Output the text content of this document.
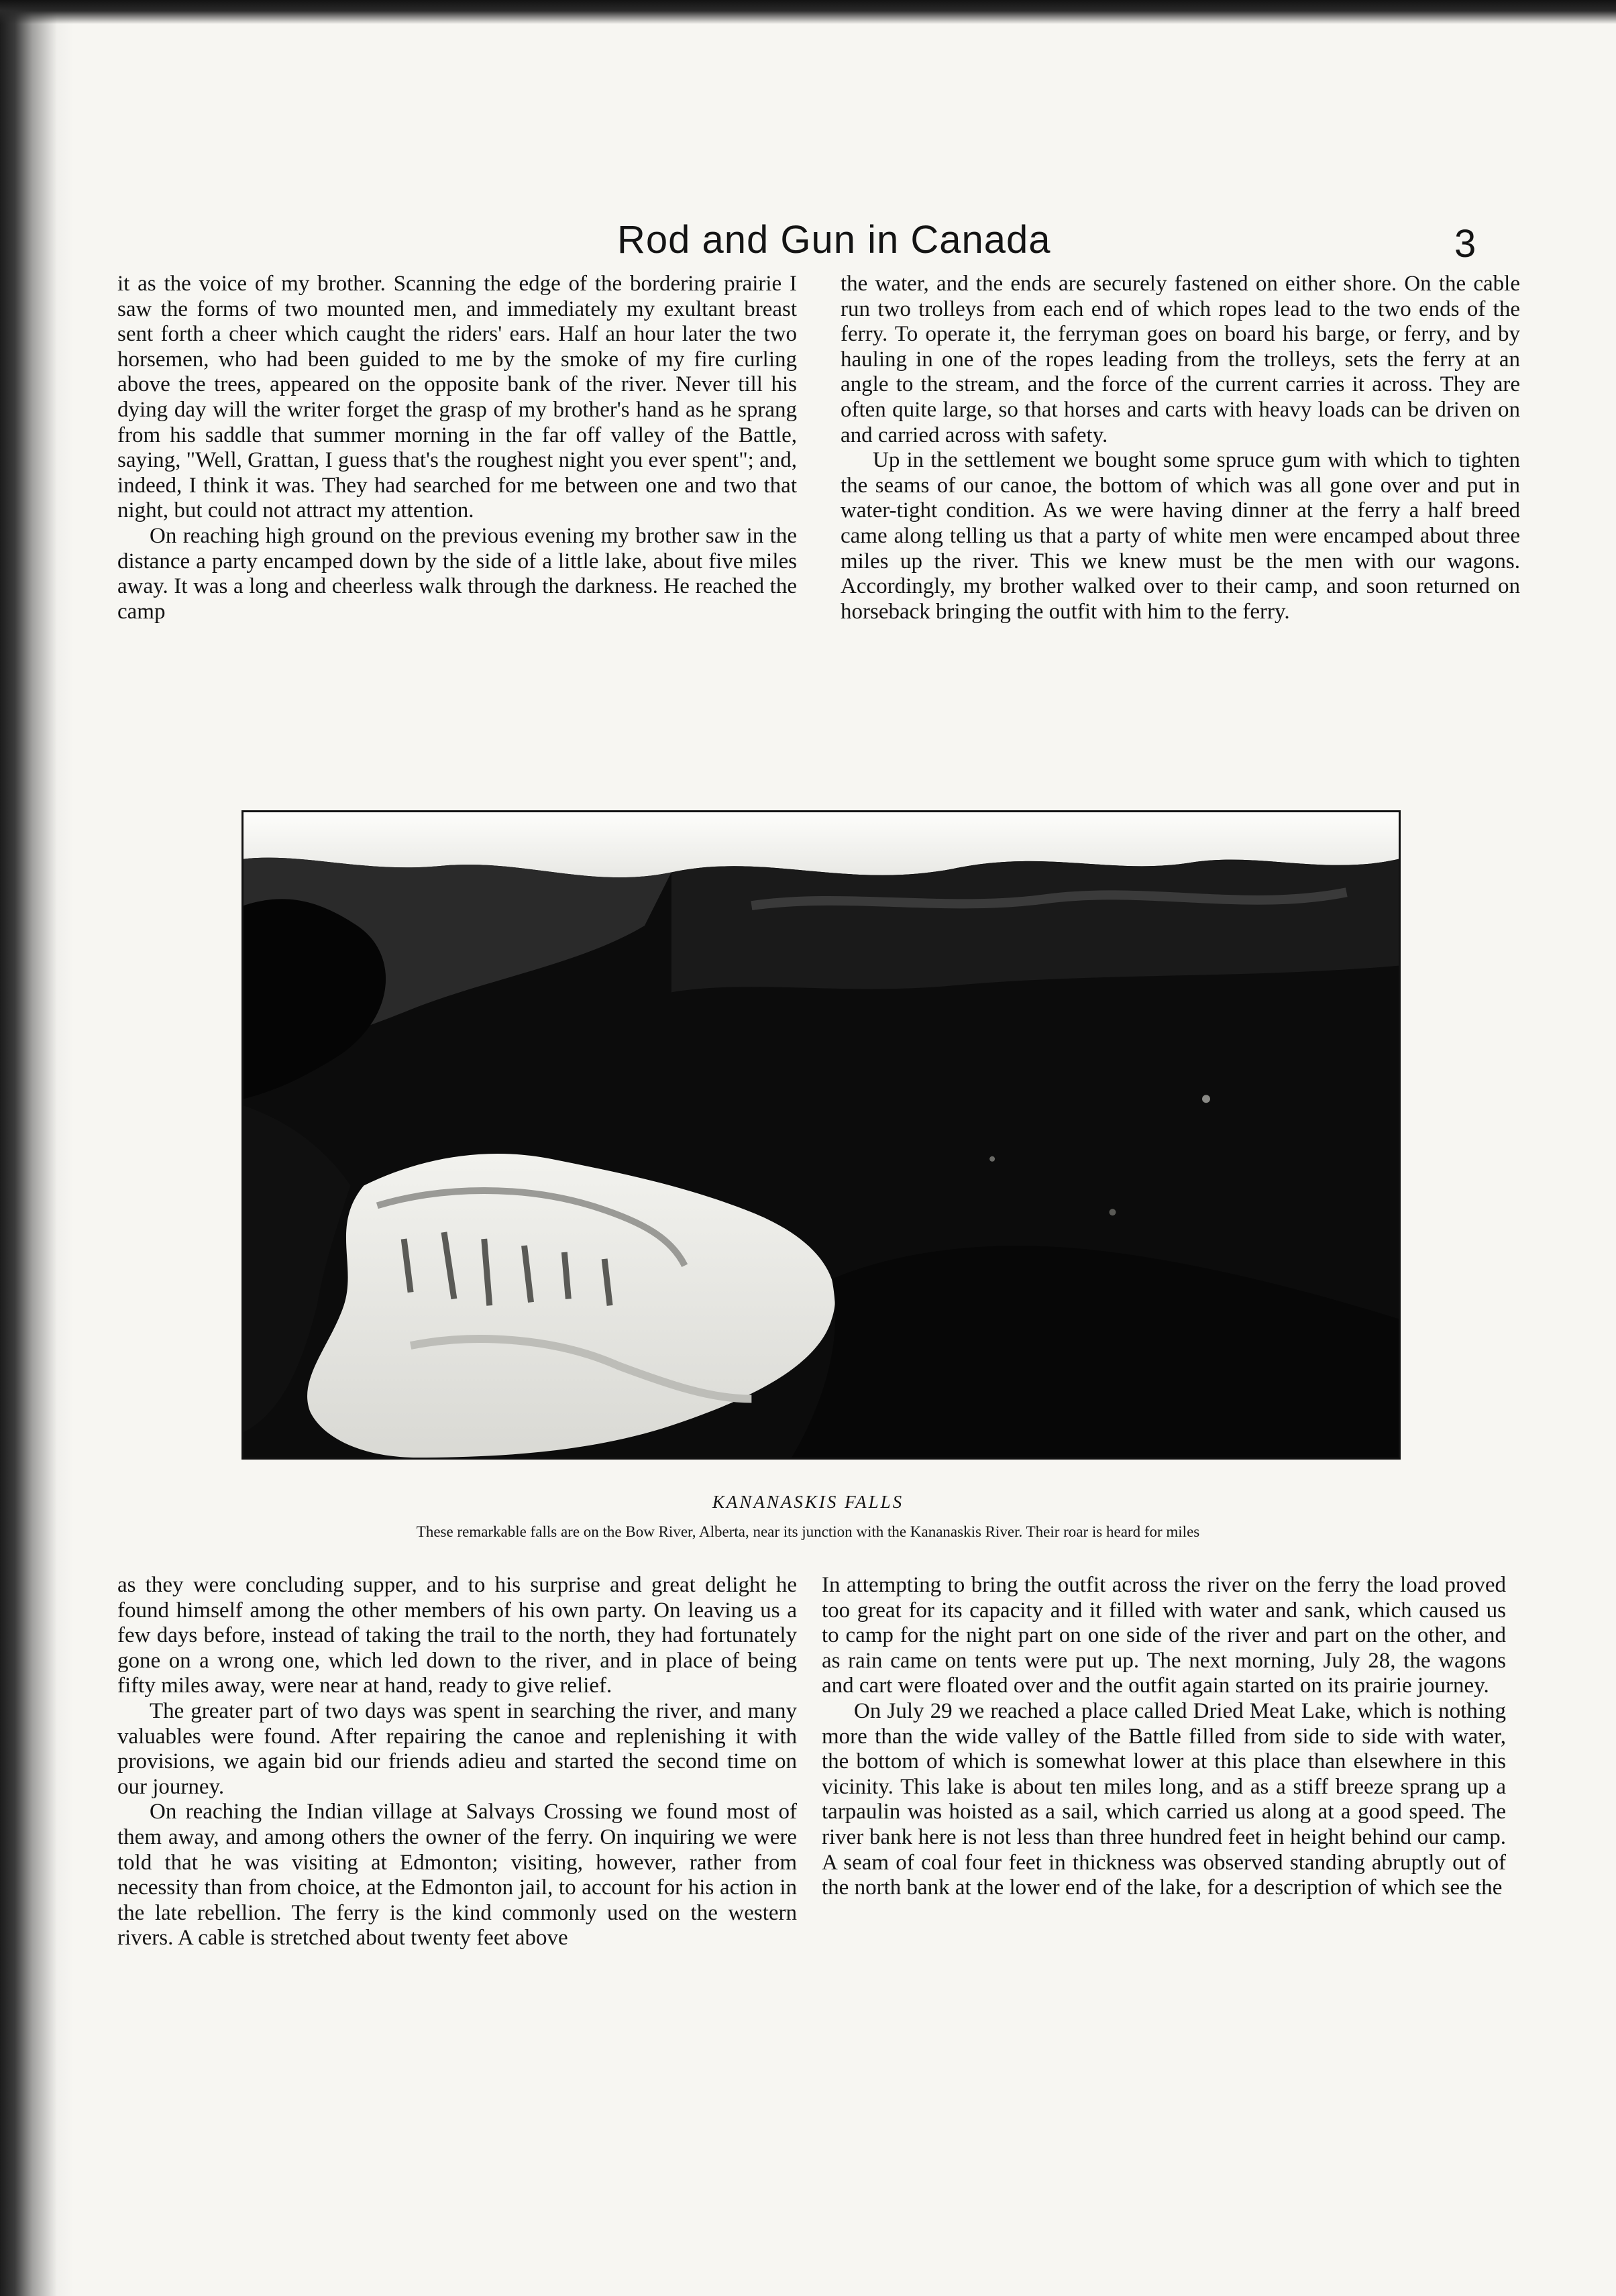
Rod and Gun in Canada	3

it as the voice of my brother. Scanning the edge of the bordering prairie I saw the forms of two mounted men, and immediately my exultant breast sent forth a cheer which caught the riders' ears. Half an hour later the two horsemen, who had been guided to me by the smoke of my fire curling above the trees, appeared on the opposite bank of the river. Never till his dying day will the writer forget the grasp of my brother's hand as he sprang from his saddle that summer morning in the far off valley of the Battle, saying, "Well, Grattan, I guess that's the roughest night you ever spent"; and, indeed, I think it was. They had searched for me between one and two that night, but could not attract my attention.

On reaching high ground on the previous evening my brother saw in the distance a party encamped down by the side of a little lake, about five miles away. It was a long and cheerless walk through the darkness. He reached the camp

the water, and the ends are securely fastened on either shore. On the cable run two trolleys from each end of which ropes lead to the two ends of the ferry. To operate it, the ferryman goes on board his barge, or ferry, and by hauling in one of the ropes leading from the trolleys, sets the ferry at an angle to the stream, and the force of the current carries it across. They are often quite large, so that horses and carts with heavy loads can be driven on and carried across with safety.

Up in the settlement we bought some spruce gum with which to tighten the seams of our canoe, the bottom of which was all gone over and put in water-tight condition. As we were having dinner at the ferry a half breed came along telling us that a party of white men were encamped about three miles up the river. This we knew must be the men with our wagons. Accordingly, my brother walked over to their camp, and soon returned on horseback bringing the outfit with him to the ferry.

KANANASKIS FALLS
These remarkable falls are on the Bow River, Alberta, near its junction with the Kananaskis River. Their roar is heard for miles

as they were concluding supper, and to his surprise and great delight he found himself among the other members of his own party. On leaving us a few days before, instead of taking the trail to the north, they had fortunately gone on a wrong one, which led down to the river, and in place of being fifty miles away, were near at hand, ready to give relief.

The greater part of two days was spent in searching the river, and many valuables were found. After repairing the canoe and replenishing it with provisions, we again bid our friends adieu and started the second time on our journey.

On reaching the Indian village at Salvays Crossing we found most of them away, and among others the owner of the ferry. On inquiring we were told that he was visiting at Edmonton; visiting, however, rather from necessity than from choice, at the Edmonton jail, to account for his action in the late rebellion. The ferry is the kind commonly used on the western rivers. A cable is stretched about twenty feet above

In attempting to bring the outfit across the river on the ferry the load proved too great for its capacity and it filled with water and sank, which caused us to camp for the night part on one side of the river and part on the other, and as rain came on tents were put up. The next morning, July 28, the wagons and cart were floated over and the outfit again started on its prairie journey.

On July 29 we reached a place called Dried Meat Lake, which is nothing more than the wide valley of the Battle filled from side to side with water, the bottom of which is somewhat lower at this place than elsewhere in this vicinity. This lake is about ten miles long, and as a stiff breeze sprang up a tarpaulin was hoisted as a sail, which carried us along at a good speed. The river bank here is not less than three hundred feet in height behind our camp. A seam of coal four feet in thickness was observed standing abruptly out of the north bank at the lower end of the lake, for a description of which see the
